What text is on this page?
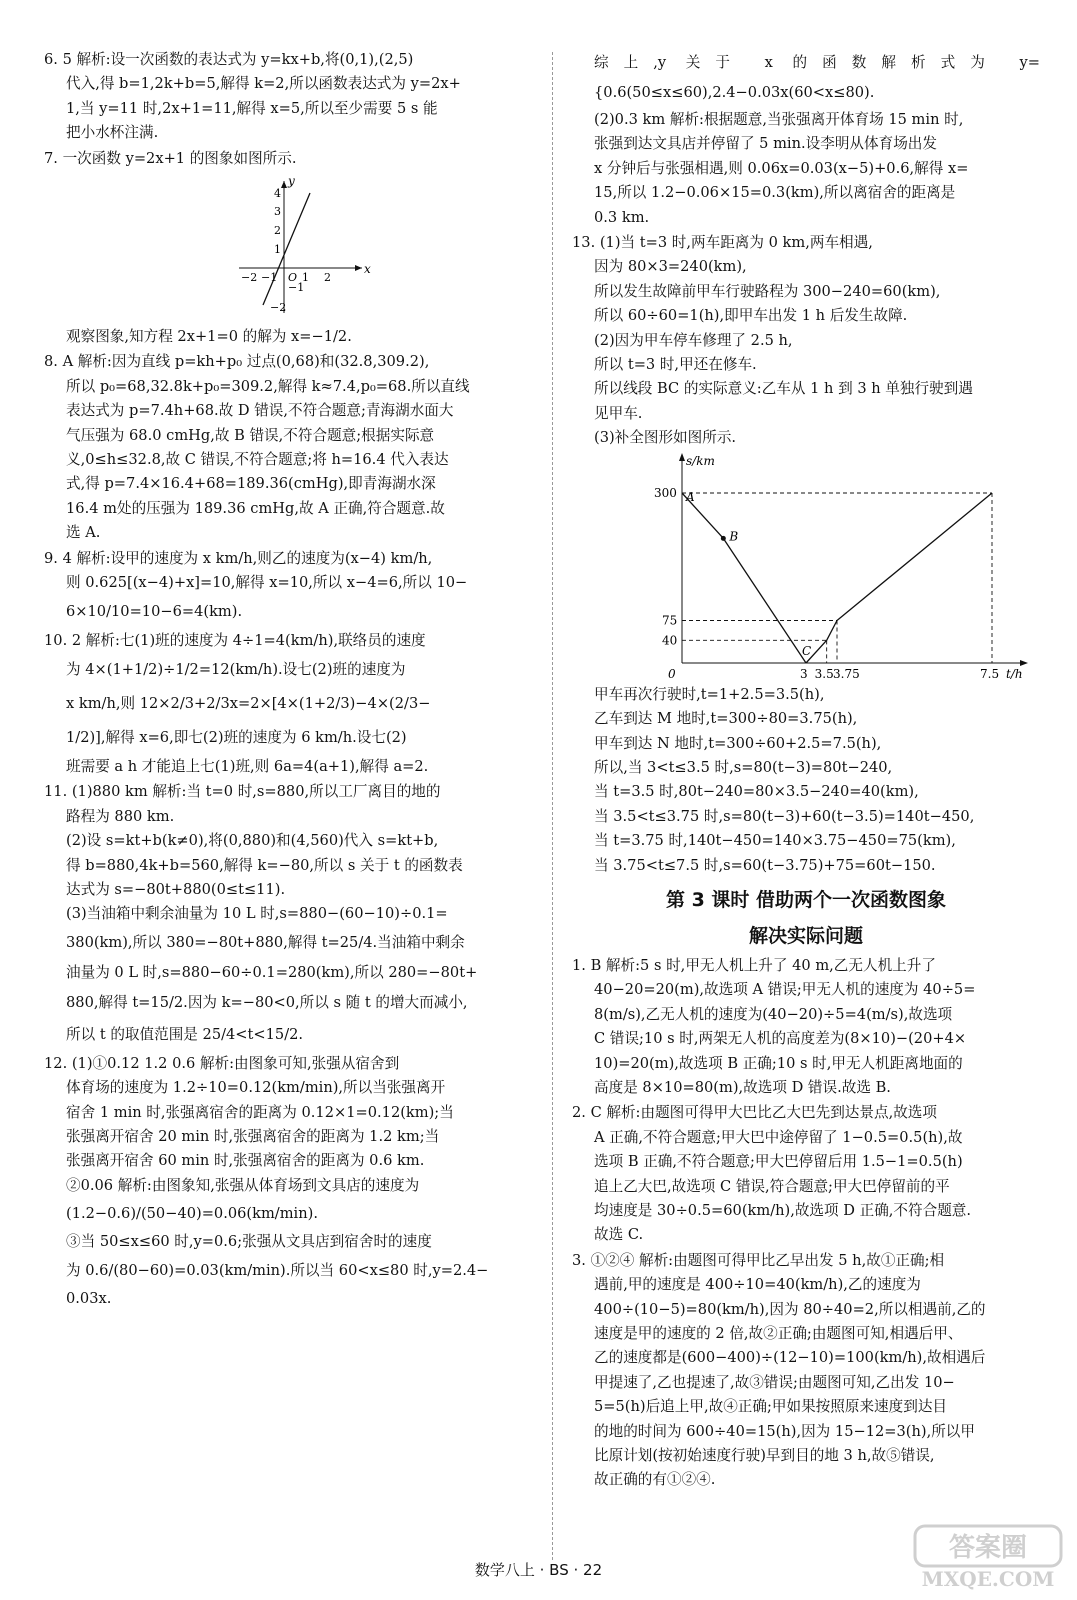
6. 5 解析:设一次函数的表达式为 y=kx+b,将(0,1),(2,5)

代入,得 b=1,2k+b=5,解得 k=2,所以函数表达式为 y=2x+

1,当 y=11 时,2x+1=11,解得 x=5,所以至少需要 5 s 能

把小水杯注满.

7. 一次函数 y=2x+1 的图象如图所示.

x
y
O
−2 −1 1 2
4
3
2
1
−1
−2

观察图象,知方程 2x+1=0 的解为 x=−1/2.

8. A 解析:因为直线 p=kh+p₀ 过点(0,68)和(32.8,309.2),

所以 p₀=68,32.8k+p₀=309.2,解得 k≈7.4,p₀=68.所以直线

表达式为 p=7.4h+68.故 D 错误,不符合题意;青海湖水面大

气压强为 68.0 cmHg,故 B 错误,不符合题意;根据实际意

义,0≤h≤32.8,故 C 错误,不符合题意;将 h=16.4 代入表达

式,得 p=7.4×16.4+68=189.36(cmHg),即青海湖水深

16.4 m处的压强为 189.36 cmHg,故 A 正确,符合题意.故

选 A.

9. 4 解析:设甲的速度为 x km/h,则乙的速度为(x−4) km/h,

则 0.625[(x−4)+x]=10,解得 x=10,所以 x−4=6,所以 10−

6×10/10=10−6=4(km).

10. 2 解析:七(1)班的速度为 4÷1=4(km/h),联络员的速度

为 4×(1+1/2)÷1/2=12(km/h).设七(2)班的速度为

x km/h,则 12×2/3+2/3x=2×[4×(1+2/3)−4×(2/3−

1/2)],解得 x=6,即七(2)班的速度为 6 km/h.设七(2)

班需要 a h 才能追上七(1)班,则 6a=4(a+1),解得 a=2.

11. (1)880 km 解析:当 t=0 时,s=880,所以工厂离目的地的

路程为 880 km.

(2)设 s=kt+b(k≠0),将(0,880)和(4,560)代入 s=kt+b,

得 b=880,4k+b=560,解得 k=−80,所以 s 关于 t 的函数表

达式为 s=−80t+880(0≤t≤11).

(3)当油箱中剩余油量为 10 L 时,s=880−(60−10)÷0.1=

380(km),所以 380=−80t+880,解得 t=25/4.当油箱中剩余

油量为 0 L 时,s=880−60÷0.1=280(km),所以 280=−80t+

880,解得 t=15/2.因为 k=−80<0,所以 s 随 t 的增大而减小,

所以 t 的取值范围是 25/4<t<15/2.

12. (1)①0.12 1.2 0.6 解析:由图象可知,张强从宿舍到

体育场的速度为 1.2÷10=0.12(km/min),所以当张强离开

宿舍 1 min 时,张强离宿舍的距离为 0.12×1=0.12(km);当

张强离开宿舍 20 min 时,张强离宿舍的距离为 1.2 km;当

张强离开宿舍 60 min 时,张强离宿舍的距离为 0.6 km.

②0.06 解析:由图象知,张强从体育场到文具店的速度为

(1.2−0.6)/(50−40)=0.06(km/min).

③当 50≤x≤60 时,y=0.6;张强从文具店到宿舍时的速度

为 0.6/(80−60)=0.03(km/min).所以当 60<x≤80 时,y=2.4−

0.03x.

综上,y 关于 x 的函数解析式为 y={0.6(50≤x≤60),2.4−0.03x(60<x≤80).

(2)0.3 km 解析:根据题意,当张强离开体育场 15 min 时,

张强到达文具店并停留了 5 min.设李明从体育场出发

x 分钟后与张强相遇,则 0.06x=0.03(x−5)+0.6,解得 x=

15,所以 1.2−0.06×15=0.3(km),所以离宿舍的距离是

0.3 km.

13. (1)当 t=3 时,两车距离为 0 km,两车相遇,

因为 80×3=240(km),

所以发生故障前甲车行驶路程为 300−240=60(km),

所以 60÷60=1(h),即甲车出发 1 h 后发生故障.

(2)因为甲车停车修理了 2.5 h,

所以 t=3 时,甲还在修车.

所以线段 BC 的实际意义:乙车从 1 h 到 3 h 单独行驶到遇

见甲车.

(3)补全图形如图所示.

s/km
t/h
0
300
75
40
3 3.5 3.75	7.5
A
B
C

甲车再次行驶时,t=1+2.5=3.5(h),

乙车到达 M 地时,t=300÷80=3.75(h),

甲车到达 N 地时,t=300÷60+2.5=7.5(h),

所以,当 3<t≤3.5 时,s=80(t−3)=80t−240,

当 t=3.5 时,80t−240=80×3.5−240=40(km),

当 3.5<t≤3.75 时,s=80(t−3)+60(t−3.5)=140t−450,

当 t=3.75 时,140t−450=140×3.75−450=75(km),

当 3.75<t≤7.5 时,s=60(t−3.75)+75=60t−150.

第 3 课时 借助两个一次函数图象
解决实际问题

1. B 解析:5 s 时,甲无人机上升了 40 m,乙无人机上升了

40−20=20(m),故选项 A 错误;甲无人机的速度为 40÷5=

8(m/s),乙无人机的速度为(40−20)÷5=4(m/s),故选项

C 错误;10 s 时,两架无人机的高度差为(8×10)−(20+4×

10)=20(m),故选项 B 正确;10 s 时,甲无人机距离地面的

高度是 8×10=80(m),故选项 D 错误.故选 B.

2. C 解析:由题图可得甲大巴比乙大巴先到达景点,故选项

A 正确,不符合题意;甲大巴中途停留了 1−0.5=0.5(h),故

选项 B 正确,不符合题意;甲大巴停留后用 1.5−1=0.5(h)

追上乙大巴,故选项 C 错误,符合题意;甲大巴停留前的平

均速度是 30÷0.5=60(km/h),故选项 D 正确,不符合题意.

故选 C.

3. ①②④ 解析:由题图可得甲比乙早出发 5 h,故①正确;相

遇前,甲的速度是 400÷10=40(km/h),乙的速度为

400÷(10−5)=80(km/h),因为 80÷40=2,所以相遇前,乙的

速度是甲的速度的 2 倍,故②正确;由题图可知,相遇后甲、

乙的速度都是(600−400)÷(12−10)=100(km/h),故相遇后

甲提速了,乙也提速了,故③错误;由题图可知,乙出发 10−

5=5(h)后追上甲,故④正确;甲如果按照原来速度到达目

的地的时间为 600÷40=15(h),因为 15−12=3(h),所以甲

比原计划(按初始速度行驶)早到目的地 3 h,故⑤错误,

故正确的有①②④.

数学八上 · BS · 22
答案圈
MXQE.COM
